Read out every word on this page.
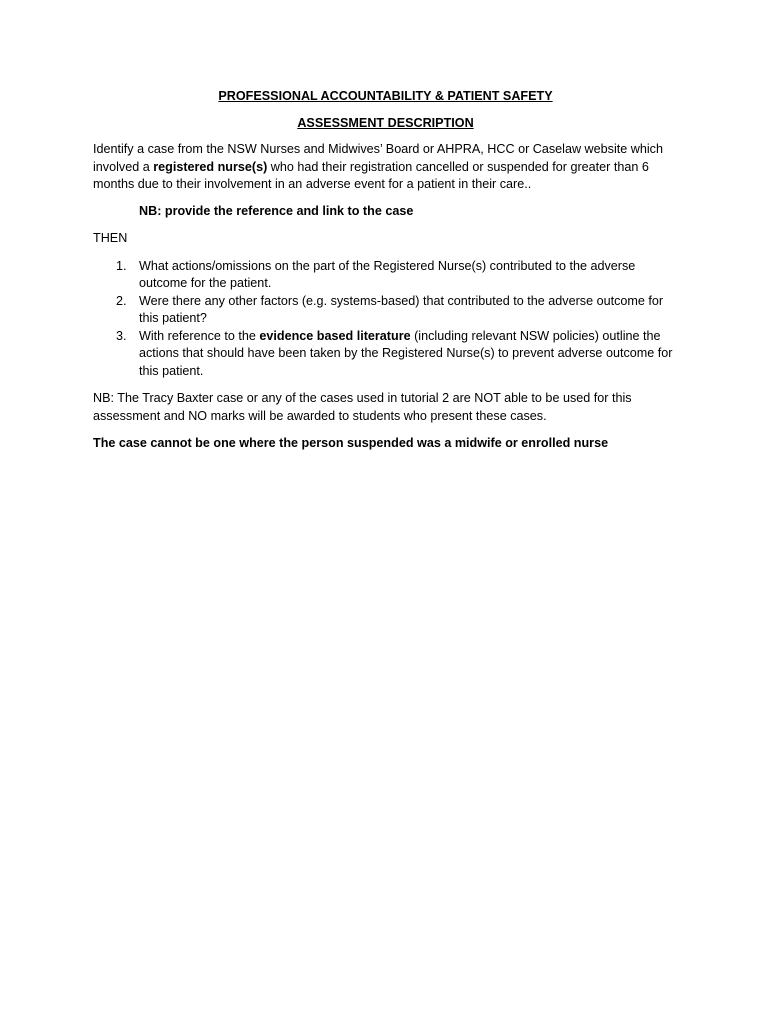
PROFESSIONAL ACCOUNTABILITY & PATIENT SAFETY

ASSESSMENT DESCRIPTION

Identify a case from the NSW Nurses and Midwives’ Board or AHPRA, HCC or Caselaw website which involved a registered nurse(s) who had their registration cancelled or suspended for greater than 6 months due to their involvement in an adverse event for a patient in their care..

NB: provide the reference and link to the case

THEN

1. What actions/omissions on the part of the Registered Nurse(s) contributed to the adverse outcome for the patient.
2. Were there any other factors (e.g. systems-based) that contributed to the adverse outcome for this patient?
3. With reference to the evidence based literature (including relevant NSW policies) outline the actions that should have been taken by the Registered Nurse(s) to prevent adverse outcome for this patient.

NB: The Tracy Baxter case or any of the cases used in tutorial 2 are NOT able to be used for this assessment and NO marks will be awarded to students who present these cases.

The case cannot be one where the person suspended was a midwife or enrolled nurse
